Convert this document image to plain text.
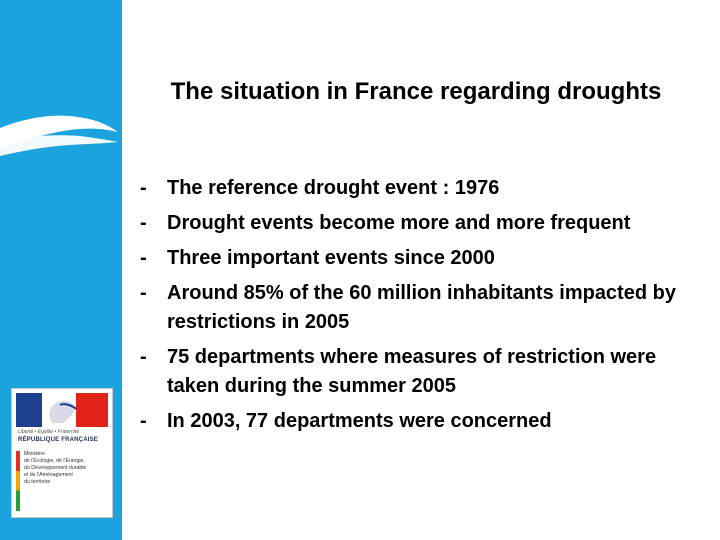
Liberté • Égalité • Fraternité
RÉPUBLIQUE FRANÇAISE
Ministère
de l'Écologie, de l'Énergie,
du Développement durable
et de l'Aménagement
du territoire
The situation in France regarding droughts
- The reference drought event : 1976
- Drought events become more and more frequent
- Three important events since 2000
- Around 85% of the 60 million inhabitants impacted by restrictions in 2005
- 75 departments where measures of restriction were taken during the summer 2005
- In 2003, 77 departments were concerned
